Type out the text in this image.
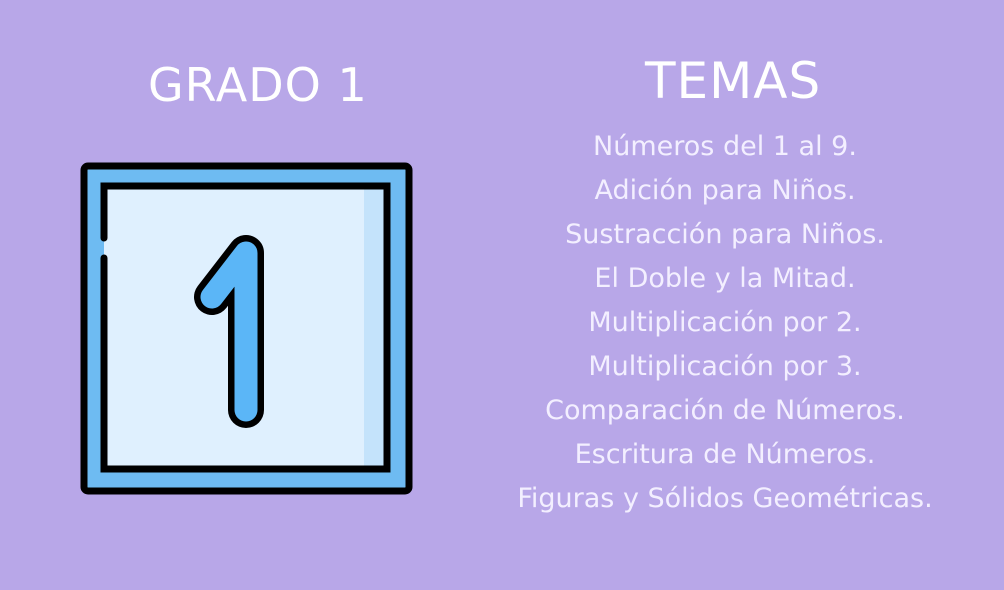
GRADO 1	TEMAS
Números del 1 al 9.
Adición para Niños.
Sustracción para Niños.
El Doble y la Mitad.
Multiplicación por 2.
Multiplicación por 3.
Comparación de Números.
Escritura de Números.
Figuras y Sólidos Geométricas.
